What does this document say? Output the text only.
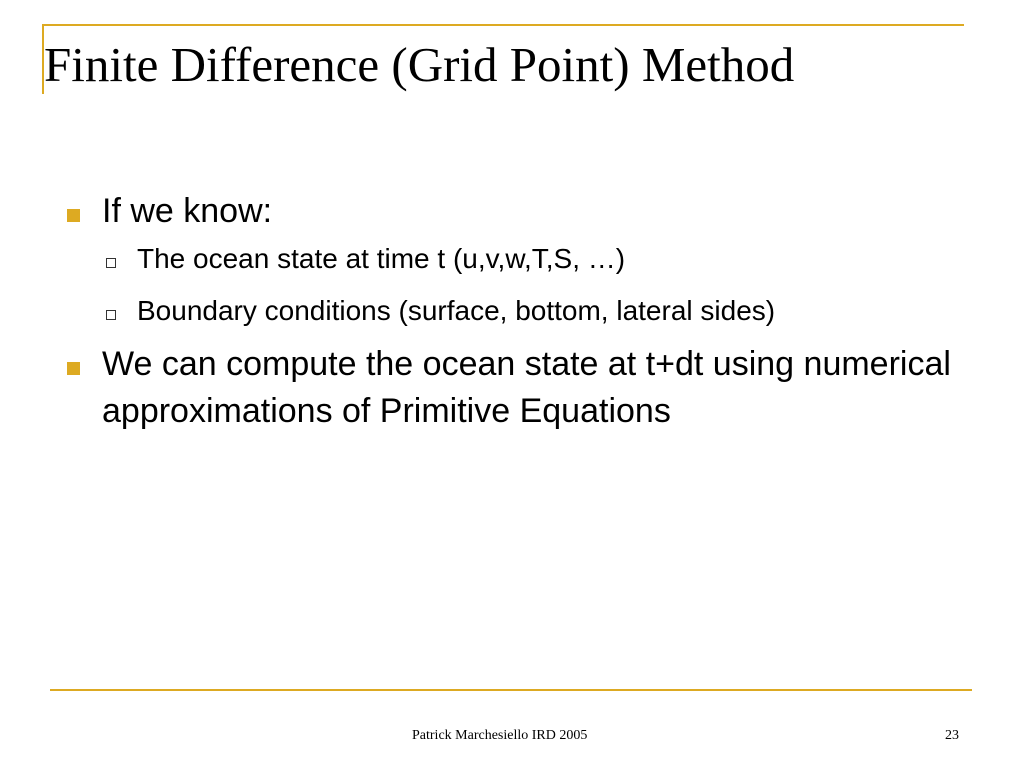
Finite Difference (Grid Point) Method
If we know:
The ocean state at time t (u,v,w,T,S, …)
Boundary conditions (surface, bottom, lateral sides)
We can compute the ocean state at t+dt using numerical approximations of Primitive Equations
Patrick Marchesiello IRD 2005	23
